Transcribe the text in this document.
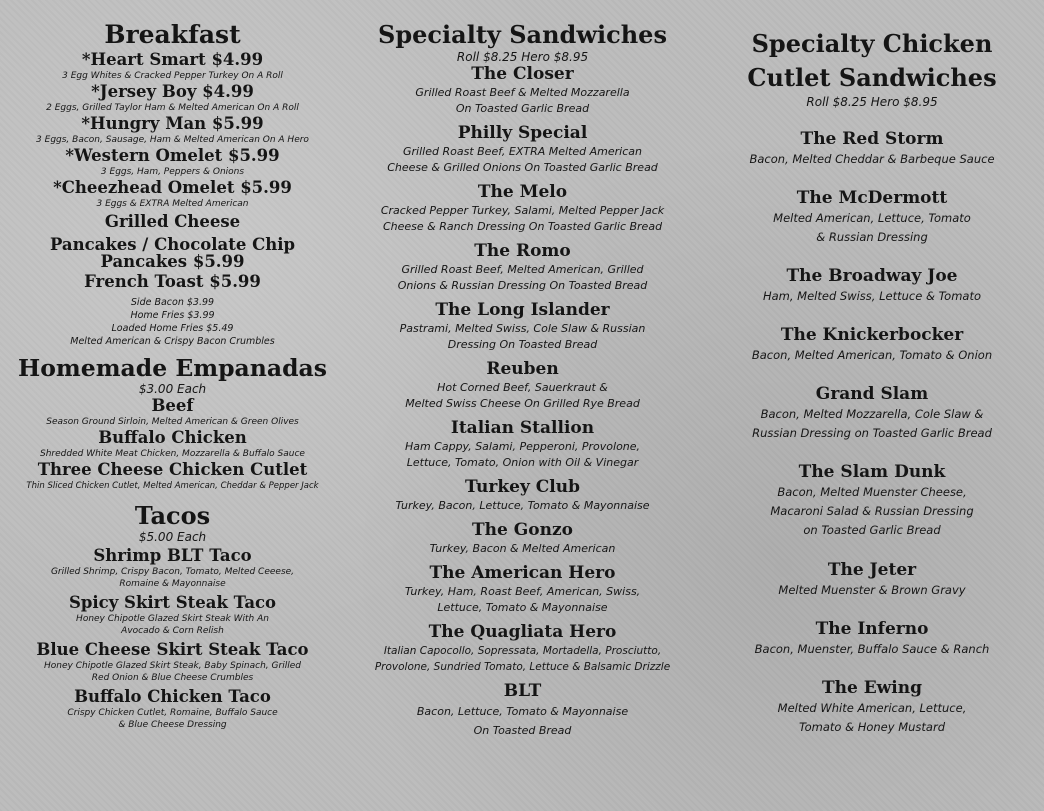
Breakfast
*Heart Smart $4.99
3 Egg Whites & Cracked Pepper Turkey On A Roll
*Jersey Boy $4.99
2 Eggs, Grilled Taylor Ham & Melted American On A Roll
*Hungry Man $5.99
3 Eggs, Bacon, Sausage, Ham & Melted American On A Hero
*Western Omelet $5.99
3 Eggs, Ham, Peppers & Onions
*Cheezhead Omelet $5.99
3 Eggs & EXTRA Melted American
Grilled Cheese
Pancakes / Chocolate Chip
Pancakes $5.99
French Toast $5.99
Side Bacon $3.99
Home Fries $3.99
Loaded Home Fries $5.49
Melted American & Crispy Bacon Crumbles
Homemade Empanadas
$3.00 Each
Beef
Season Ground Sirloin, Melted American & Green Olives
Buffalo Chicken
Shredded White Meat Chicken, Mozzarella & Buffalo Sauce
Three Cheese Chicken Cutlet
Thin Sliced Chicken Cutlet, Melted American, Cheddar & Pepper Jack
Tacos
$5.00 Each
Shrimp BLT Taco
Grilled Shrimp, Crispy Bacon, Tomato, Melted Ceeese,
Romaine & Mayonnaise
Spicy Skirt Steak Taco
Honey Chipotle Glazed Skirt Steak With An
Avocado & Corn Relish
Blue Cheese Skirt Steak Taco
Honey Chipotle Glazed Skirt Steak, Baby Spinach, Grilled
Red Onion & Blue Cheese Crumbles
Buffalo Chicken Taco
Crispy Chicken Cutlet, Romaine, Buffalo Sauce
& Blue Cheese Dressing
Specialty Sandwiches
Roll $8.25 Hero $8.95
The Closer
Grilled Roast Beef & Melted Mozzarella
On Toasted Garlic Bread
Philly Special
Grilled Roast Beef, EXTRA Melted American
Cheese & Grilled Onions On Toasted Garlic Bread
The Melo
Cracked Pepper Turkey, Salami, Melted Pepper Jack
Cheese & Ranch Dressing On Toasted Garlic Bread
The Romo
Grilled Roast Beef, Melted American, Grilled
Onions & Russian Dressing On Toasted Bread
The Long Islander
Pastrami, Melted Swiss, Cole Slaw & Russian
Dressing On Toasted Bread
Reuben
Hot Corned Beef, Sauerkraut &
Melted Swiss Cheese On Grilled Rye Bread
Italian Stallion
Ham Cappy, Salami, Pepperoni, Provolone,
Lettuce, Tomato, Onion with Oil & Vinegar
Turkey Club
Turkey, Bacon, Lettuce, Tomato & Mayonnaise
The Gonzo
Turkey, Bacon & Melted American
The American Hero
Turkey, Ham, Roast Beef, American, Swiss,
Lettuce, Tomato & Mayonnaise
The Quagliata Hero
Italian Capocollo, Sopressata, Mortadella, Prosciutto,
Provolone, Sundried Tomato, Lettuce & Balsamic Drizzle
BLT
Bacon, Lettuce, Tomato & Mayonnaise
On Toasted Bread
Specialty Chicken
Cutlet Sandwiches
Roll $8.25 Hero $8.95
The Red Storm
Bacon, Melted Cheddar & Barbeque Sauce
The McDermott
Melted American, Lettuce, Tomato
& Russian Dressing
The Broadway Joe
Ham, Melted Swiss, Lettuce & Tomato
The Knickerbocker
Bacon, Melted American, Tomato & Onion
Grand Slam
Bacon, Melted Mozzarella, Cole Slaw &
Russian Dressing on Toasted Garlic Bread
The Slam Dunk
Bacon, Melted Muenster Cheese,
Macaroni Salad & Russian Dressing
on Toasted Garlic Bread
The Jeter
Melted Muenster & Brown Gravy
The Inferno
Bacon, Muenster, Buffalo Sauce & Ranch
The Ewing
Melted White American, Lettuce,
Tomato & Honey Mustard
